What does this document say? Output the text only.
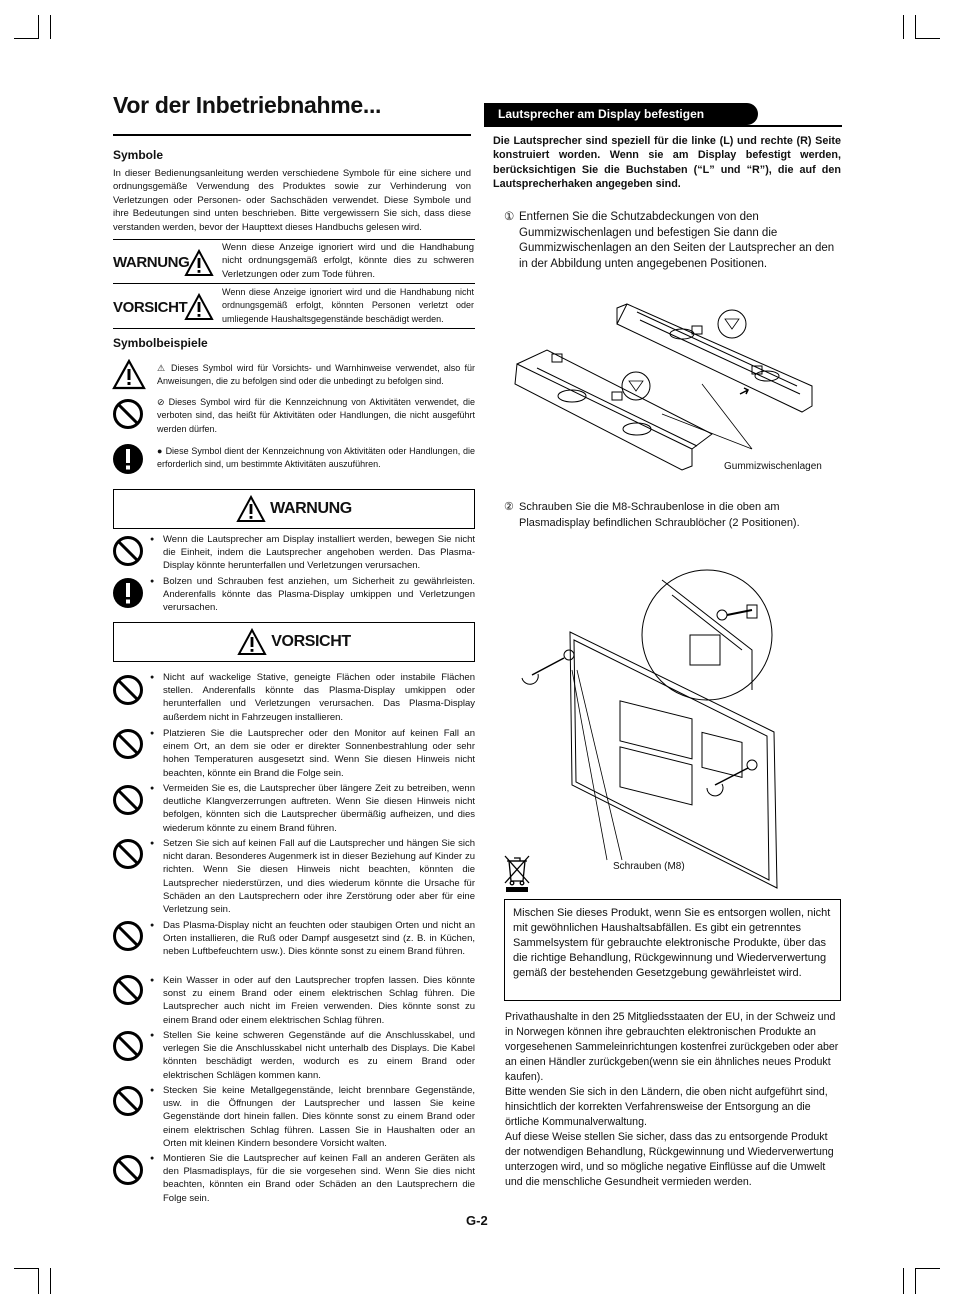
Vor der Inbetriebnahme...
Symbole
In dieser Bedienungsanleitung werden verschiedene Symbole für eine sichere und ordnungsgemäße Verwendung des Produktes sowie zur Verhinderung von Verletzungen oder Personen- oder Sachschäden verwendet. Diese Symbole und ihre Bedeutungen sind unten beschrieben. Bitte vergewissern Sie sich, dass diese verstanden werden, bevor der Haupttext dieses Handbuchs gelesen wird.
WARNUNG
Wenn diese Anzeige ignoriert wird und die Handhabung nicht ordnungsgemäß erfolgt, könnte dies zu schweren Verletzungen oder zum Tode führen.
VORSICHT
Wenn diese Anzeige ignoriert wird und die Handhabung nicht ordnungsgemäß erfolgt, könnten Personen verletzt oder umliegende Haushaltsgegenstände beschädigt werden.
Symbolbeispiele
⚠ Dieses Symbol wird für Vorsichts- und Warnhinweise verwendet, also für Anweisungen, die zu befolgen sind oder die unbedingt zu befolgen sind.
⊘ Dieses Symbol wird für die Kennzeichnung von Aktivitäten verwendet, die verboten sind, das heißt für Aktivitäten oder Handlungen, die nicht ausgeführt werden dürfen.
● Diese Symbol dient der Kennzeichnung von Aktivitäten oder Handlungen, die erforderlich sind, um bestimmte Aktivitäten auszuführen.
WARNUNG
● Wenn die Lautsprecher am Display installiert werden, bewegen Sie nicht die Einheit, indem die Lautsprecher angehoben werden. Das Plasma-Display könnte herunterfallen und Verletzungen verursachen.
● Bolzen und Schrauben fest anziehen, um Sicherheit zu gewährleisten. Anderenfalls könnte das Plasma-Display umkippen und Verletzungen verursachen.
VORSICHT
● Nicht auf wackelige Stative, geneigte Flächen oder instabile Flächen stellen. Anderenfalls könnte das Plasma-Display umkippen oder herunterfallen und Verletzungen verursachen. Das Plasma-Display außerdem nicht in Fahrzeugen installieren.
● Platzieren Sie die Lautsprecher oder den Monitor auf keinen Fall an einem Ort, an dem sie oder er direkter Sonnenbestrahlung oder sehr hohen Temperaturen ausgesetzt sind. Wenn Sie diesen Hinweis nicht beachten, könnte ein Brand die Folge sein.
● Vermeiden Sie es, die Lautsprecher über längere Zeit zu betreiben, wenn deutliche Klangverzerrungen auftreten. Wenn Sie diesen Hinweis nicht befolgen, könnten sich die Lautsprecher übermäßig aufheizen, und dies wiederum könnte zu einem Brand führen.
● Setzen Sie sich auf keinen Fall auf die Lautsprecher und hängen Sie sich nicht daran. Besonderes Augenmerk ist in dieser Beziehung auf Kinder zu richten. Wenn Sie diesen Hinweis nicht beachten, könnten die Lautsprecher niederstürzen, und dies wiederum könnte die Ursache für Schäden an den Lautsprechern oder ihre Zerstörung oder aber für eine Verletzung sein.
● Das Plasma-Display nicht an feuchten oder staubigen Orten und nicht an Orten installieren, die Ruß oder Dampf ausgesetzt sind (z. B. in Küchen, neben Luftbefeuchtern usw.). Dies könnte sonst zu einem Brand führen.
● Kein Wasser in oder auf den Lautsprecher tropfen lassen. Dies könnte sonst zu einem Brand oder einem elektrischen Schlag führen. Die Lautsprecher auch nicht im Freien verwenden. Dies könnte sonst zu einem Brand oder einem elektrischen Schlag führen.
● Stellen Sie keine schweren Gegenstände auf die Anschlusskabel, und verlegen Sie die Anschlusskabel nicht unterhalb des Displays. Die Kabel könnten beschädigt werden, wodurch es zu einem Brand oder elektrischen Schlägen kommen kann.
● Stecken Sie keine Metallgegenstände, leicht brennbare Gegenstände, usw. in die Öffnungen der Lautsprecher und lassen Sie keine Gegenstände dort hinein fallen. Dies könnte sonst zu einem Brand oder einem elektrischen Schlag führen. Lassen Sie in Haushalten oder an Orten mit kleinen Kindern besondere Vorsicht walten.
● Montieren Sie die Lautsprecher auf keinen Fall an anderen Geräten als den Plasmadisplays, für die sie vorgesehen sind. Wenn Sie dies nicht beachten, könnten ein Brand oder Schäden an den Lautsprechern die Folge sein.
Lautsprecher am Display befestigen
Die Lautsprecher sind speziell für die linke (L) und rechte (R) Seite konstruiert worden. Wenn sie am Display befestigt werden, berücksichtigen Sie die Buchstaben (“L” und “R”), die auf den Lautsprecherhaken angegeben sind.
① Entfernen Sie die Schutzabdeckungen von den Gummizwischenlagen und befestigen Sie dann die Gummizwischenlagen an den Seiten der Lautsprecher an den in der Abbildung unten angegebenen Positionen.
Gummizwischenlagen
② Schrauben Sie die M8-Schraubenlose in die oben am Plasmadisplay befindlichen Schraublöcher (2 Positionen).
Schrauben (M8)
Mischen Sie dieses Produkt, wenn Sie es entsorgen wollen, nicht mit gewöhnlichen Haushaltsabfällen. Es gibt ein getrenntes Sammelsystem für gebrauchte elektronische Produkte, über das die richtige Behandlung, Rückgewinnung und Wiederverwertung gemäß der bestehenden Gesetzgebung gewährleistet wird.
Privathaushalte in den 25 Mitgliedsstaaten der EU, in der Schweiz und in Norwegen können ihre gebrauchten elektronischen Produkte an vorgesehenen Sammeleinrichtungen kostenfrei zurückgeben oder aber an einen Händler zurückgeben(wenn sie ein ähnliches neues Produkt kaufen).
Bitte wenden Sie sich in den Ländern, die oben nicht aufgeführt sind, hinsichtlich der korrekten Verfahrensweise der Entsorgung an die örtliche Kommunalverwaltung.
Auf diese Weise stellen Sie sicher, dass das zu entsorgende Produkt der notwendigen Behandlung, Rückgewinnung und Wiederverwertung unterzogen wird, und so mögliche negative Einflüsse auf die Umwelt und die menschliche Gesundheit vermieden werden.
G-2
